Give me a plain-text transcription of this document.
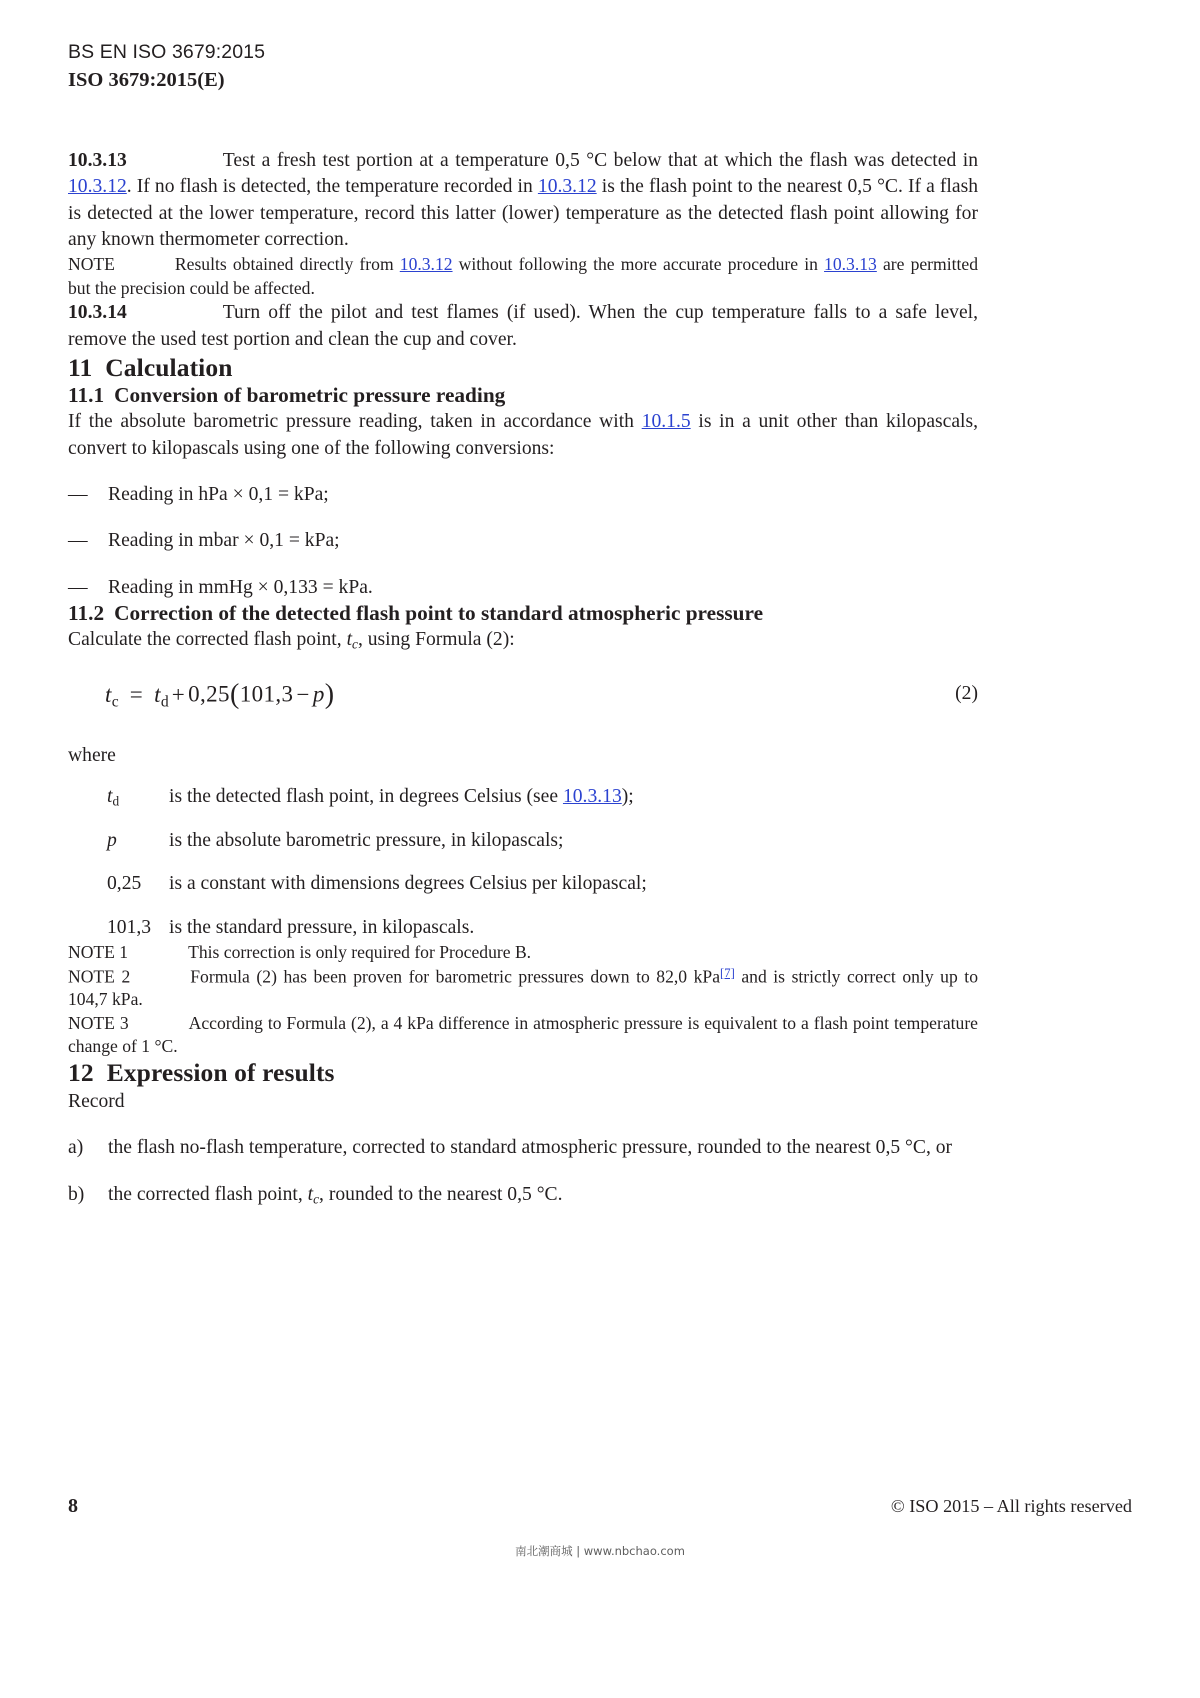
BS EN ISO 3679:2015
ISO 3679:2015(E)

10.3.13	Test a fresh test portion at a temperature 0,5 °C below that at which the flash was detected in 10.3.12. If no flash is detected, the temperature recorded in 10.3.12 is the flash point to the nearest 0,5 °C. If a flash is detected at the lower temperature, record this latter (lower) temperature as the detected flash point allowing for any known thermometer correction.

NOTE	Results obtained directly from 10.3.12 without following the more accurate procedure in 10.3.13 are permitted but the precision could be affected.

10.3.14	Turn off the pilot and test flames (if used). When the cup temperature falls to a safe level, remove the used test portion and clean the cup and cover.

11 Calculation
11.1 Conversion of barometric pressure reading

If the absolute barometric pressure reading, taken in accordance with 10.1.5 is in a unit other than kilopascals, convert to kilopascals using one of the following conversions:

— Reading in hPa × 0,1 = kPa;
— Reading in mbar × 0,1 = kPa;
— Reading in mmHg × 0,133 = kPa.
11.2 Correction of the detected flash point to standard atmospheric pressure

Calculate the corrected flash point, $t_c$, using Formula (2):

$t_c = t_d + 0,25(101,3 - p)$	(2)
where
$t_d$	is the detected flash point, in degrees Celsius (see 10.3.13);
p	is the absolute barometric pressure, in kilopascals;
0,25	is a constant with dimensions degrees Celsius per kilopascal;
101,3 is the standard pressure, in kilopascals.

NOTE 1	This correction is only required for Procedure B.

NOTE 2	Formula (2) has been proven for barometric pressures down to 82,0 kPa[7] and is strictly correct only up to 104,7 kPa.

NOTE 3	According to Formula (2), a 4 kPa difference in atmospheric pressure is equivalent to a flash point temperature change of 1 °C.

12 Expression of results

Record

a) the flash no-flash temperature, corrected to standard atmospheric pressure, rounded to the nearest 0,5 °C, or
b) the corrected flash point, $t_c$, rounded to the nearest 0,5 °C.
8	© ISO 2015 – All rights reserved
南北潮商城 | www.nbchao.com
